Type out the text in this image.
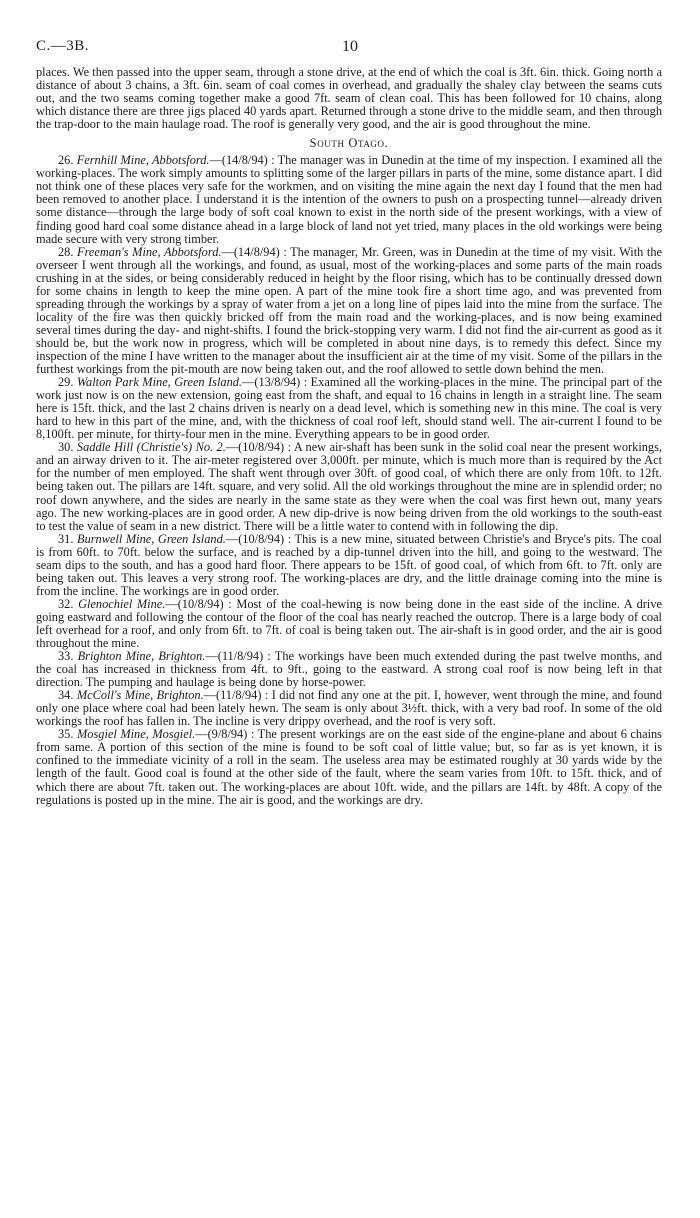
C.—3B.	10

places. We then passed into the upper seam, through a stone drive, at the end of which the coal is 3ft. 6in. thick. Going north a distance of about 3 chains, a 3ft. 6in. seam of coal comes in overhead, and gradually the shaley clay between the seams cuts out, and the two seams coming together make a good 7ft. seam of clean coal. This has been followed for 10 chains, along which distance there are three jigs placed 40 yards apart. Returned through a stone drive to the middle seam, and then through the trap-door to the main haulage road. The roof is generally very good, and the air is good throughout the mine.

South Otago.

26. Fernhill Mine, Abbotsford.—(14/8/94) : The manager was in Dunedin at the time of my inspection. I examined all the working-places. The work simply amounts to splitting some of the larger pillars in parts of the mine, some distance apart. I did not think one of these places very safe for the workmen, and on visiting the mine again the next day I found that the men had been removed to another place. I understand it is the intention of the owners to push on a prospecting tunnel—already driven some distance—through the large body of soft coal known to exist in the north side of the present workings, with a view of finding good hard coal some distance ahead in a large block of land not yet tried, many places in the old workings were being made secure with very strong timber.

28. Freeman's Mine, Abbotsford.—(14/8/94) : The manager, Mr. Green, was in Dunedin at the time of my visit. With the overseer I went through all the workings, and found, as usual, most of the working-places and some parts of the main roads crushing in at the sides, or being considerably reduced in height by the floor rising, which has to be continually dressed down for some chains in length to keep the mine open. A part of the mine took fire a short time ago, and was prevented from spreading through the workings by a spray of water from a jet on a long line of pipes laid into the mine from the surface. The locality of the fire was then quickly bricked off from the main road and the working-places, and is now being examined several times during the day- and night-shifts. I found the brick-stopping very warm. I did not find the air-current as good as it should be, but the work now in progress, which will be completed in about nine days, is to remedy this defect. Since my inspection of the mine I have written to the manager about the insufficient air at the time of my visit. Some of the pillars in the furthest workings from the pit-mouth are now being taken out, and the roof allowed to settle down behind the men.

29. Walton Park Mine, Green Island.—(13/8/94) : Examined all the working-places in the mine. The principal part of the work just now is on the new extension, going east from the shaft, and equal to 16 chains in length in a straight line. The seam here is 15ft. thick, and the last 2 chains driven is nearly on a dead level, which is something new in this mine. The coal is very hard to hew in this part of the mine, and, with the thickness of coal roof left, should stand well. The air-current I found to be 8,100ft. per minute, for thirty-four men in the mine. Everything appears to be in good order.

30. Saddle Hill (Christie's) No. 2.—(10/8/94) : A new air-shaft has been sunk in the solid coal near the present workings, and an airway driven to it. The air-meter registered over 3,000ft. per minute, which is much more than is required by the Act for the number of men employed. The shaft went through over 30ft. of good coal, of which there are only from 10ft. to 12ft. being taken out. The pillars are 14ft. square, and very solid. All the old workings throughout the mine are in splendid order; no roof down anywhere, and the sides are nearly in the same state as they were when the coal was first hewn out, many years ago. The new working-places are in good order. A new dip-drive is now being driven from the old workings to the south-east to test the value of seam in a new district. There will be a little water to contend with in following the dip.

31. Burnwell Mine, Green Island.—(10/8/94) : This is a new mine, situated between Christie's and Bryce's pits. The coal is from 60ft. to 70ft. below the surface, and is reached by a dip-tunnel driven into the hill, and going to the westward. The seam dips to the south, and has a good hard floor. There appears to be 15ft. of good coal, of which from 6ft. to 7ft. only are being taken out. This leaves a very strong roof. The working-places are dry, and the little drainage coming into the mine is from the incline. The workings are in good order.

32. Glenochiel Mine.—(10/8/94) : Most of the coal-hewing is now being done in the east side of the incline. A drive going eastward and following the contour of the floor of the coal has nearly reached the outcrop. There is a large body of coal left overhead for a roof, and only from 6ft. to 7ft. of coal is being taken out. The air-shaft is in good order, and the air is good throughout the mine.

33. Brighton Mine, Brighton.—(11/8/94) : The workings have been much extended during the past twelve months, and the coal has increased in thickness from 4ft. to 9ft., going to the eastward. A strong coal roof is now being left in that direction. The pumping and haulage is being done by horse-power.

34. McColl's Mine, Brighton.—(11/8/94) : I did not find any one at the pit. I, however, went through the mine, and found only one place where coal had been lately hewn. The seam is only about 3½ft. thick, with a very bad roof. In some of the old workings the roof has fallen in. The incline is very drippy overhead, and the roof is very soft.

35. Mosgiel Mine, Mosgiel.—(9/8/94) : The present workings are on the east side of the engine-plane and about 6 chains from same. A portion of this section of the mine is found to be soft coal of little value; but, so far as is yet known, it is confined to the immediate vicinity of a roll in the seam. The useless area may be estimated roughly at 30 yards wide by the length of the fault. Good coal is found at the other side of the fault, where the seam varies from 10ft. to 15ft. thick, and of which there are about 7ft. taken out. The working-places are about 10ft. wide, and the pillars are 14ft. by 48ft. A copy of the regulations is posted up in the mine. The air is good, and the workings are dry.
